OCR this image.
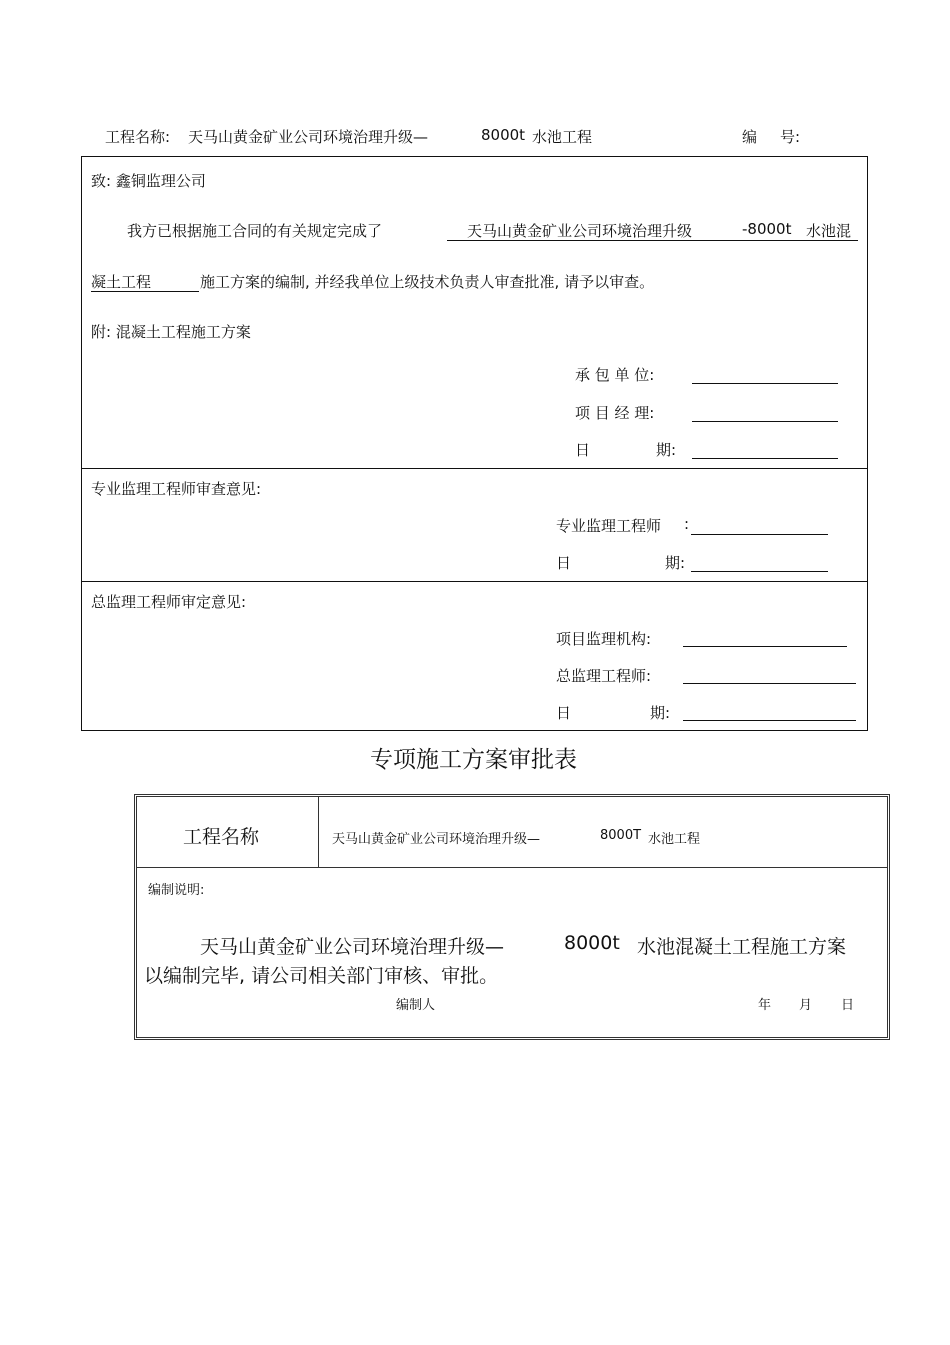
工程名称: 天马山黄金矿业公司环境治理升级—	8000t 水池工程	编 号:
致: 鑫铜监理公司
我方已根据施工合同的有关规定完成了	天马山黄金矿业公司环境治理升级	-8000t 水池混
凝土工程	施工方案的编制, 并经我单位上级技术负责人审查批准, 请予以审查。
附: 混凝土工程施工方案
承 包 单 位:
项 目 经 理:
日	期:
专业监理工程师审查意见:
专业监理工程师 :
日	期:
总监理工程师审定意见:
项目监理机构:
总监理工程师:
日	期:
专项施工方案审批表
工程名称	天马山黄金矿业公司环境治理升级—	8000T 水池工程
编制说明:
天马山黄金矿业公司环境治理升级—	8000t 水池混凝土工程施工方案
以编制完毕, 请公司相关部门审核、审批。
编制人	年 月 日
